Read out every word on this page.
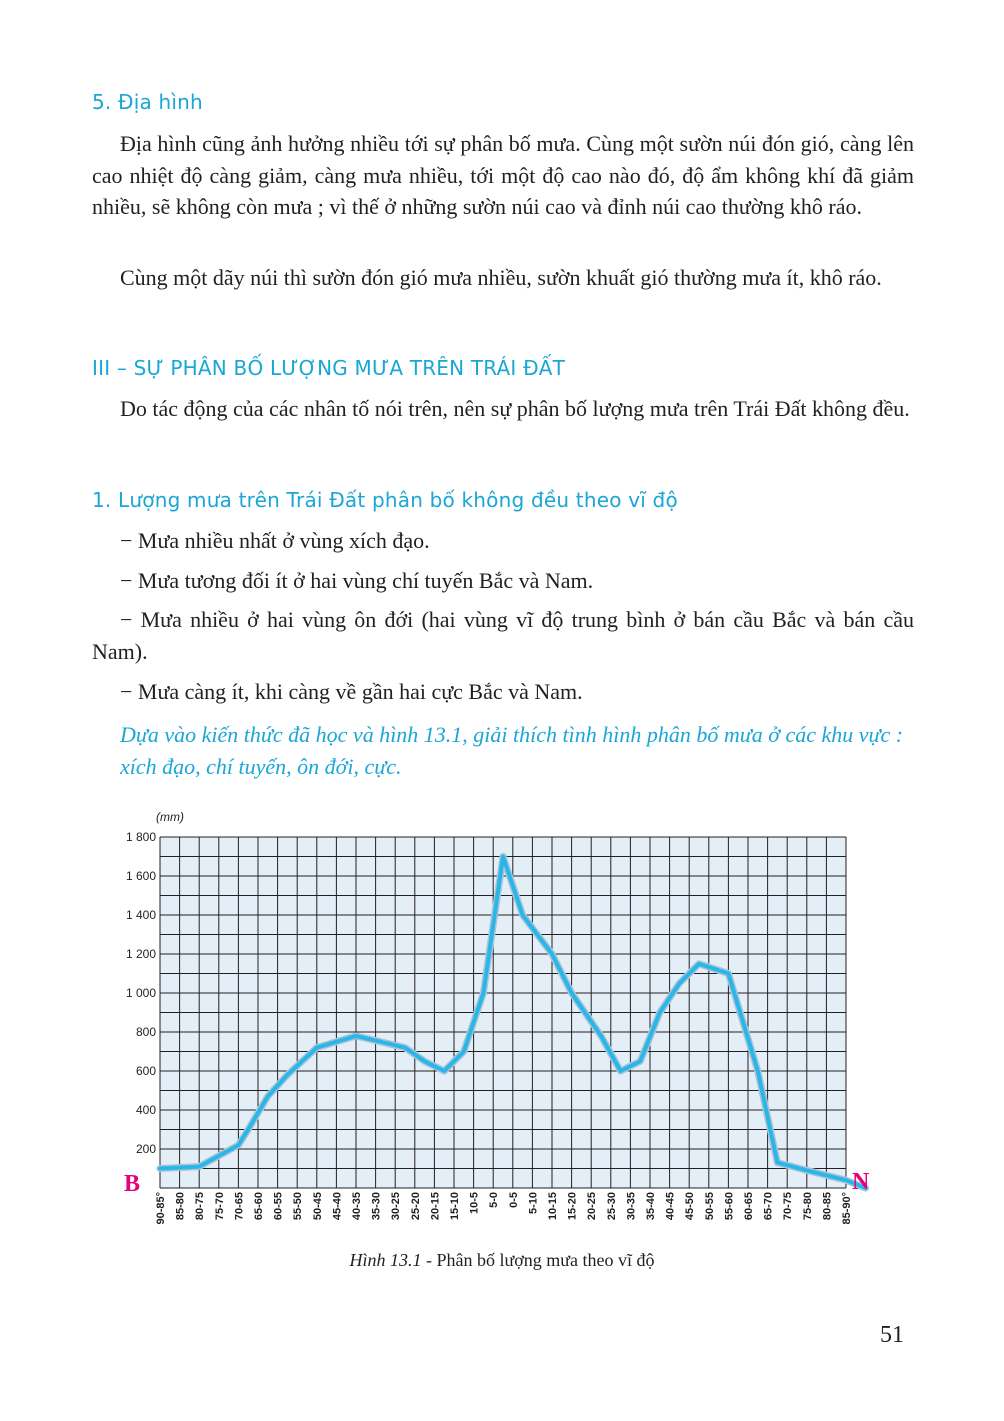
5. Địa hình

Địa hình cũng ảnh hưởng nhiều tới sự phân bố mưa. Cùng một sườn núi đón gió, càng lên cao nhiệt độ càng giảm, càng mưa nhiều, tới một độ cao nào đó, độ ẩm không khí đã giảm nhiều, sẽ không còn mưa ; vì thế ở những sườn núi cao và đỉnh núi cao thường khô ráo.

Cùng một dãy núi thì sườn đón gió mưa nhiều, sườn khuất gió thường mưa ít, khô ráo.

III – SỰ PHÂN BỐ LƯỢNG MƯA TRÊN TRÁI ĐẤT

Do tác động của các nhân tố nói trên, nên sự phân bố lượng mưa trên Trái Đất không đều.

1. Lượng mưa trên Trái Đất phân bố không đều theo vĩ độ

− Mưa nhiều nhất ở vùng xích đạo.

− Mưa tương đối ít ở hai vùng chí tuyến Bắc và Nam.

− Mưa nhiều ở hai vùng ôn đới (hai vùng vĩ độ trung bình ở bán cầu Bắc và bán cầu Nam).

− Mưa càng ít, khi càng về gần hai cực Bắc và Nam.

Dựa vào kiến thức đã học và hình 13.1, giải thích tình hình phân bố mưa ở các khu vực : xích đạo, chí tuyến, ôn đới, cực.

200
400
600
800
1 000
1 200
1 400
1 600
1 800
(mm)
90-85° 85-80 80-75 75-70 70-65 65-60 60-55 55-50 50-45 45-40 40-35 35-30 30-25 25-20 20-15 15-10 10-5 5-0 0-5 5-10 10-15 15-20 20-25 25-30 30-35 35-40 40-45 45-50 50-55 55-60 60-65 65-70 70-75 75-80 80-85 85-90°
B	N

Hình 13.1 - Phân bố lượng mưa theo vĩ độ

51
